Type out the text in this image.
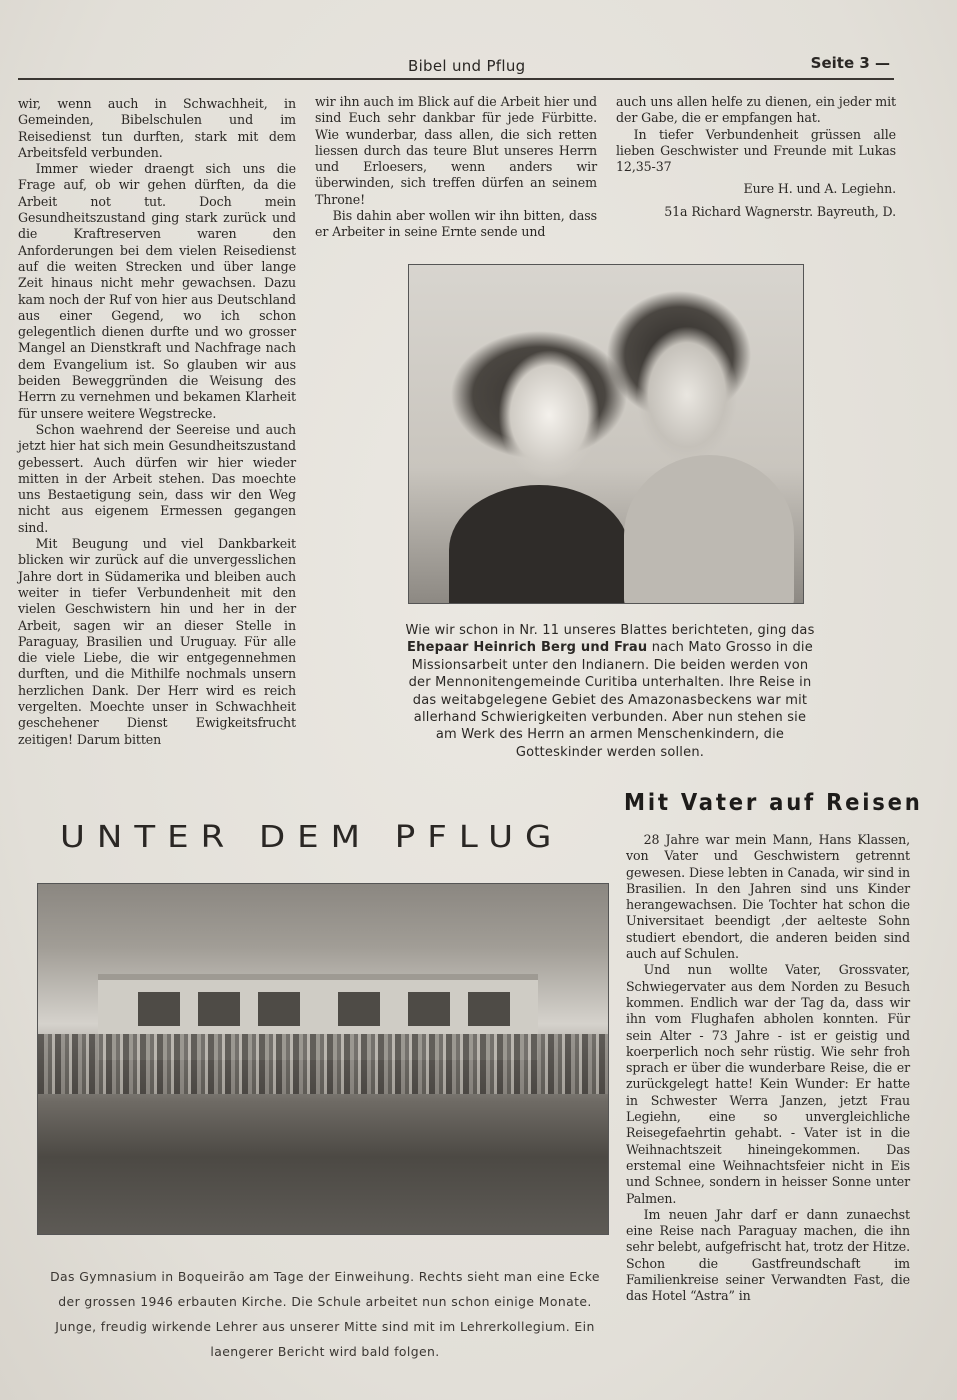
Bibel und Pflug	Seite 3 —

wir, wenn auch in Schwachheit, in Gemeinden, Bibelschulen und im Reisedienst tun durften, stark mit dem Arbeitsfeld verbunden.

Immer wieder draengt sich uns die Frage auf, ob wir gehen dürften, da die Arbeit not tut. Doch mein Gesundheitszustand ging stark zurück und die Kraftreserven waren den Anforderungen bei dem vielen Reisedienst auf die weiten Strecken und über lange Zeit hinaus nicht mehr gewachsen. Dazu kam noch der Ruf von hier aus Deutschland aus einer Gegend, wo ich schon gelegentlich dienen durfte und wo grosser Mangel an Dienstkraft und Nachfrage nach dem Evangelium ist. So glauben wir aus beiden Beweggründen die Weisung des Herrn zu vernehmen und bekamen Klarheit für unsere weitere Wegstrecke.

Schon waehrend der Seereise und auch jetzt hier hat sich mein Gesundheitszustand gebessert. Auch dürfen wir hier wieder mitten in der Arbeit stehen. Das moechte uns Bestaetigung sein, dass wir den Weg nicht aus eigenem Ermessen gegangen sind.

Mit Beugung und viel Dankbarkeit blicken wir zurück auf die unvergesslichen Jahre dort in Südamerika und bleiben auch weiter in tiefer Verbundenheit mit den vielen Geschwistern hin und her in der Arbeit, sagen wir an dieser Stelle in Paraguay, Brasilien und Uruguay. Für alle die viele Liebe, die wir entgegennehmen durften, und die Mithilfe nochmals unsern herzlichen Dank. Der Herr wird es reich vergelten. Moechte unser in Schwachheit geschehener Dienst Ewigkeitsfrucht zeitigen! Darum bitten

wir ihn auch im Blick auf die Arbeit hier und sind Euch sehr dankbar für jede Fürbitte. Wie wunderbar, dass allen, die sich retten liessen durch das teure Blut unseres Herrn und Erloesers, wenn anders wir überwinden, sich treffen dürfen an seinem Throne!

Bis dahin aber wollen wir ihn bitten, dass er Arbeiter in seine Ernte sende und

auch uns allen helfe zu dienen, ein jeder mit der Gabe, die er empfangen hat.

In tiefer Verbundenheit grüssen alle lieben Geschwister und Freunde mit Lukas 12,35-37

Eure H. und A. Legiehn.

51a Richard Wagnerstr. Bayreuth, D.

Wie wir schon in Nr. 11 unseres Blattes berichteten, ging das Ehepaar Heinrich Berg und Frau nach Mato Grosso in die Missionsarbeit unter den Indianern. Die beiden werden von der Mennonitengemeinde Curitiba unterhalten. Ihre Reise in das weitabgelegene Gebiet des Amazonasbeckens war mit allerhand Schwierigkeiten verbunden. Aber nun stehen sie am Werk des Herrn an armen Menschenkindern, die Gotteskinder werden sollen.
UNTER DEM PFLUG
Das Gymnasium in Boqueirão am Tage der Einweihung. Rechts sieht man eine Ecke der grossen 1946 erbauten Kirche. Die Schule arbeitet nun schon einige Monate. Junge, freudig wirkende Lehrer aus unserer Mitte sind mit im Lehrerkollegium. Ein laengerer Bericht wird bald folgen.
Mit Vater auf Reisen

28 Jahre war mein Mann, Hans Klassen, von Vater und Geschwistern getrennt gewesen. Diese lebten in Canada, wir sind in Brasilien. In den Jahren sind uns Kinder herangewachsen. Die Tochter hat schon die Universitaet beendigt ,der aelteste Sohn studiert ebendort, die anderen beiden sind auch auf Schulen.

Und nun wollte Vater, Grossvater, Schwiegervater aus dem Norden zu Besuch kommen. Endlich war der Tag da, dass wir ihn vom Flughafen abholen konnten. Für sein Alter - 73 Jahre - ist er geistig und koerperlich noch sehr rüstig. Wie sehr froh sprach er über die wunderbare Reise, die er zurückgelegt hatte! Kein Wunder: Er hatte in Schwester Werra Janzen, jetzt Frau Legiehn, eine so unvergleichliche Reisegefaehrtin gehabt. - Vater ist in die Weihnachtszeit hineingekommen. Das erstemal eine Weihnachtsfeier nicht in Eis und Schnee, sondern in heisser Sonne unter Palmen.

Im neuen Jahr darf er dann zunaechst eine Reise nach Paraguay machen, die ihn sehr belebt, aufgefrischt hat, trotz der Hitze. Schon die Gastfreundschaft im Familienkreise seiner Verwandten Fast, die das Hotel “Astra” in
